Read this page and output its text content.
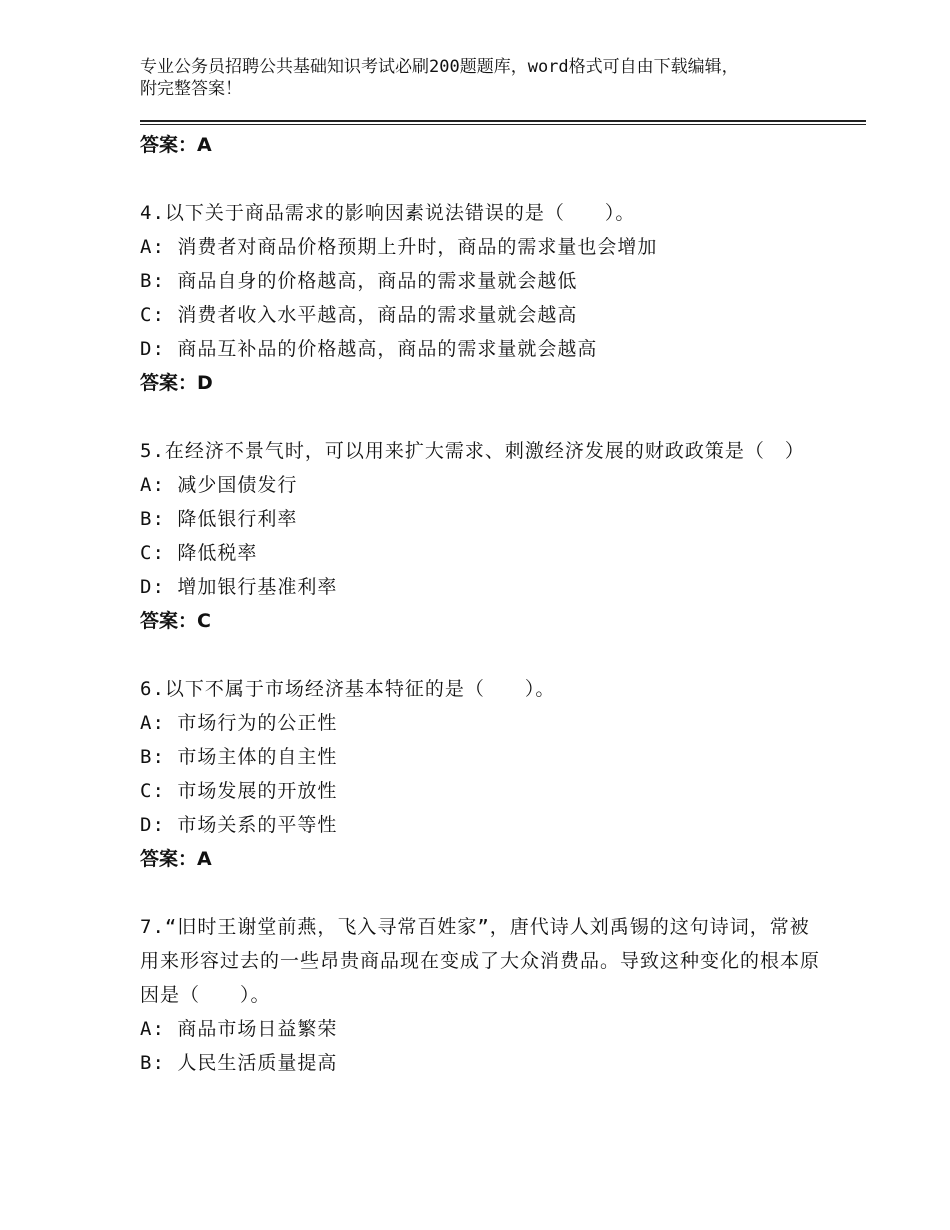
专业公务员招聘公共基础知识考试必刷200题题库，word格式可自由下载编辑，
附完整答案！
答案：A
4.以下关于商品需求的影响因素说法错误的是（　　）。
A: 消费者对商品价格预期上升时，商品的需求量也会增加
B: 商品自身的价格越高，商品的需求量就会越低
C: 消费者收入水平越高，商品的需求量就会越高
D: 商品互补品的价格越高，商品的需求量就会越高
答案：D
5.在经济不景气时，可以用来扩大需求、刺激经济发展的财政政策是（　）
A: 减少国债发行
B: 降低银行利率
C: 降低税率
D: 增加银行基准利率
答案：C
6.以下不属于市场经济基本特征的是（　　）。
A: 市场行为的公正性
B: 市场主体的自主性
C: 市场发展的开放性
D: 市场关系的平等性
答案：A
7.“旧时王谢堂前燕，飞入寻常百姓家”，唐代诗人刘禹锡的这句诗词，常被用来形容过去的一些昂贵商品现在变成了大众消费品。导致这种变化的根本原因是（　　）。
A: 商品市场日益繁荣
B: 人民生活质量提高
